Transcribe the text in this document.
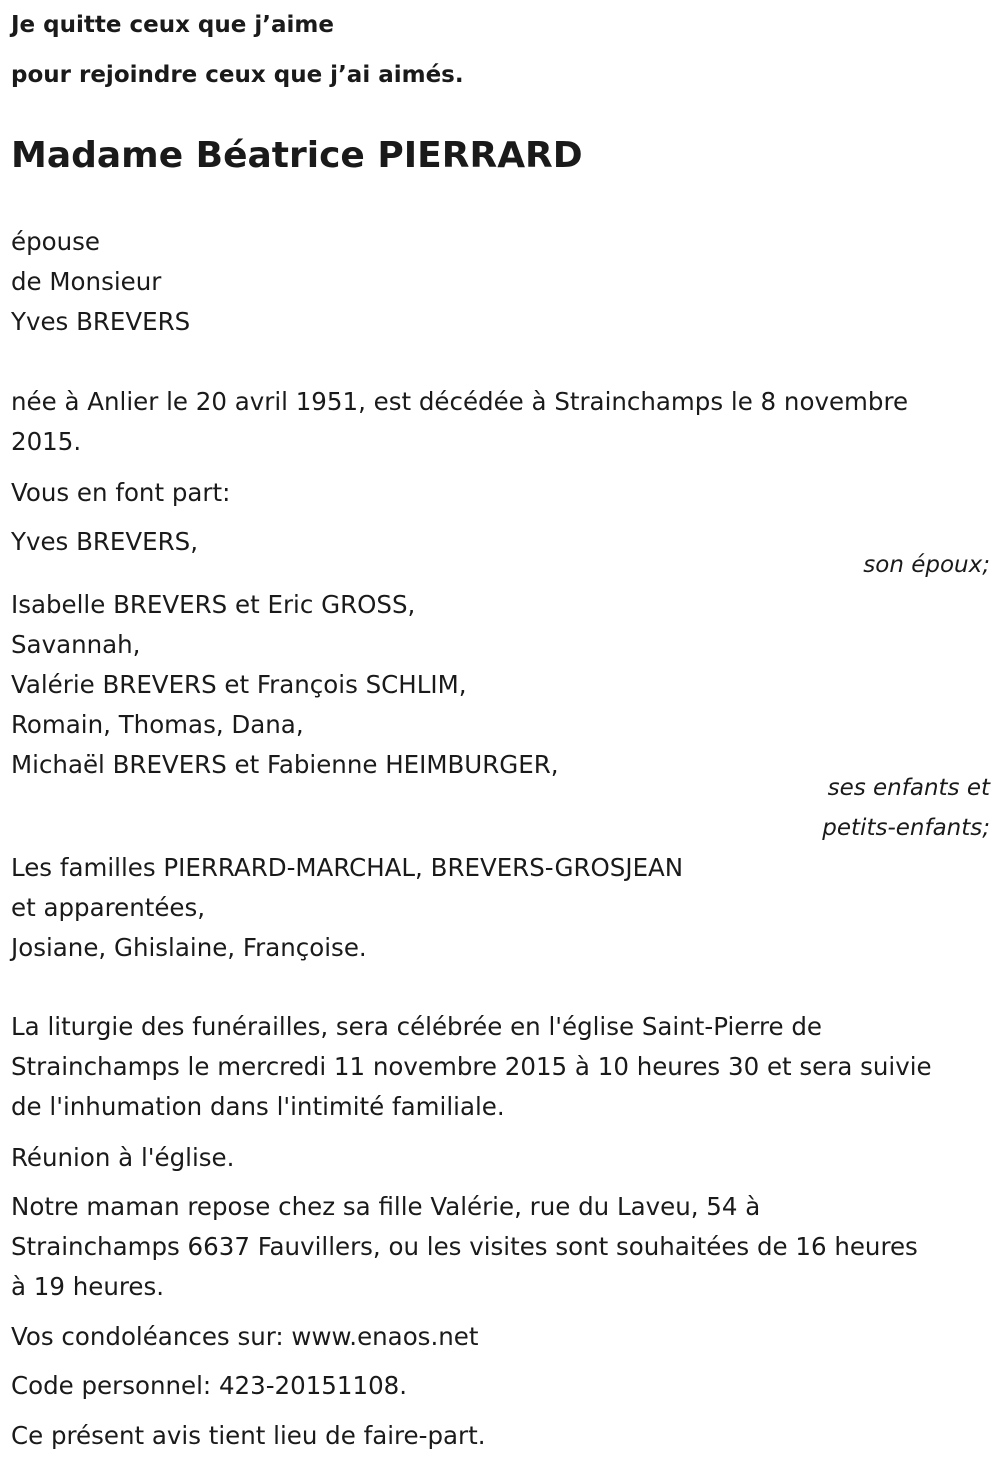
Je quitte ceux que j’aime
pour rejoindre ceux que j’ai aimés.
Madame Béatrice PIERRARD
épouse
de Monsieur
Yves BREVERS
née à Anlier le 20 avril 1951, est décédée à Strainchamps le 8 novembre
2015.
Vous en font part:
Yves BREVERS,
son époux;
Isabelle BREVERS et Eric GROSS,
Savannah,
Valérie BREVERS et François SCHLIM,
Romain, Thomas, Dana,
Michaël BREVERS et Fabienne HEIMBURGER,
ses enfants et
petits-enfants;
Les familles PIERRARD-MARCHAL, BREVERS-GROSJEAN
et apparentées,
Josiane, Ghislaine, Françoise.
La liturgie des funérailles, sera célébrée en l'église Saint-Pierre de
Strainchamps le mercredi 11 novembre 2015 à 10 heures 30 et sera suivie
de l'inhumation dans l'intimité familiale.
Réunion à l'église.
Notre maman repose chez sa fille Valérie, rue du Laveu, 54 à
Strainchamps 6637 Fauvillers, ou les visites sont souhaitées de 16 heures
à 19 heures.
Vos condoléances sur: www.enaos.net
Code personnel: 423-20151108.
Ce présent avis tient lieu de faire-part.
